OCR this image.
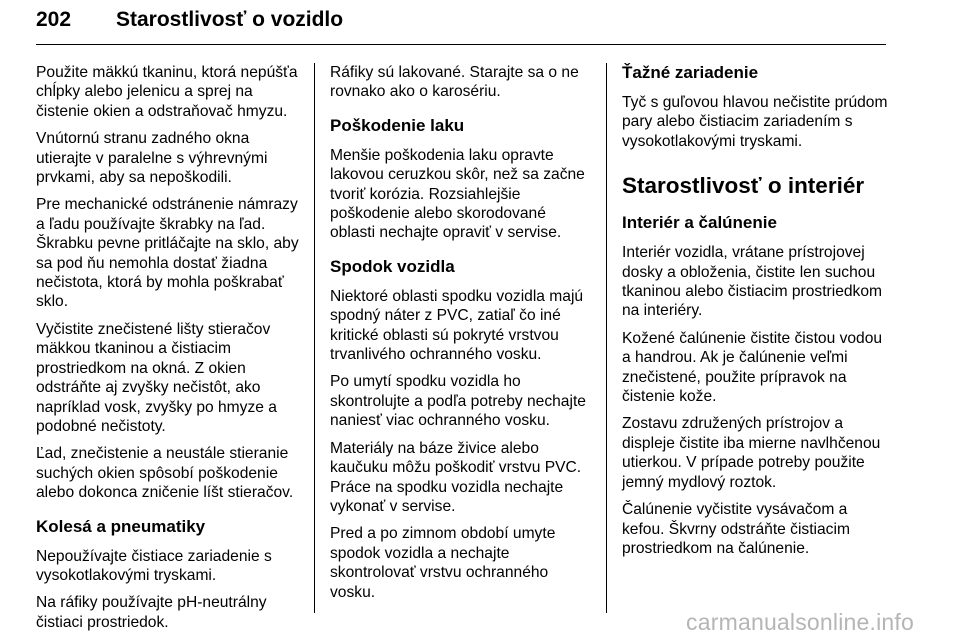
202 Starostlivosť o vozidlo

Použite mäkkú tkaninu, ktorá nepúšťa chĺpky alebo jelenicu a sprej na čistenie okien a odstraňovač hmyzu.

Vnútornú stranu zadného okna utierajte v paralelne s výhrevnými prvkami, aby sa nepoškodili.

Pre mechanické odstránenie námrazy a ľadu používajte škrabky na ľad. Škrabku pevne pritláčajte na sklo, aby sa pod ňu nemohla dostať žiadna nečistota, ktorá by mohla poškrabať sklo.

Vyčistite znečistené lišty stieračov mäkkou tkaninou a čistiacim prostriedkom na okná. Z okien odstráňte aj zvyšky nečistôt, ako napríklad vosk, zvyšky po hmyze a podobné nečistoty.

Ľad, znečistenie a neustále stieranie suchých okien spôsobí poškodenie alebo dokonca zničenie líšt stieračov.

Kolesá a pneumatiky

Nepoužívajte čistiace zariadenie s vysokotlakovými tryskami.

Na ráfiky používajte pH-neutrálny čistiaci prostriedok.

Ráfiky sú lakované. Starajte sa o ne rovnako ako o karosériu.

Poškodenie laku

Menšie poškodenia laku opravte lakovou ceruzkou skôr, než sa začne tvoriť korózia. Rozsiahlejšie poškodenie alebo skorodované oblasti nechajte opraviť v servise.

Spodok vozidla

Niektoré oblasti spodku vozidla majú spodný náter z PVC, zatiaľ čo iné kritické oblasti sú pokryté vrstvou trvanlivého ochranného vosku.

Po umytí spodku vozidla ho skontrolujte a podľa potreby nechajte naniesť viac ochranného vosku.

Materiály na báze živice alebo kaučuku môžu poškodiť vrstvu PVC. Práce na spodku vozidla nechajte vykonať v servise.

Pred a po zimnom období umyte spodok vozidla a nechajte skontrolovať vrstvu ochranného vosku.

Ťažné zariadenie

Tyč s guľovou hlavou nečistite prúdom pary alebo čistiacim zariadením s vysokotlakovými tryskami.

Starostlivosť o interiér
Interiér a čalúnenie

Interiér vozidla, vrátane prístrojovej dosky a obloženia, čistite len suchou tkaninou alebo čistiacim prostriedkom na interiéry.

Kožené čalúnenie čistite čistou vodou a handrou. Ak je čalúnenie veľmi znečistené, použite prípravok na čistenie kože.

Zostavu združených prístrojov a displeje čistite iba mierne navlhčenou utierkou. V prípade potreby použite jemný mydlový roztok.

Čalúnenie vyčistite vysávačom a kefou. Škvrny odstráňte čistiacim prostriedkom na čalúnenie.

carmanualsonline.info
